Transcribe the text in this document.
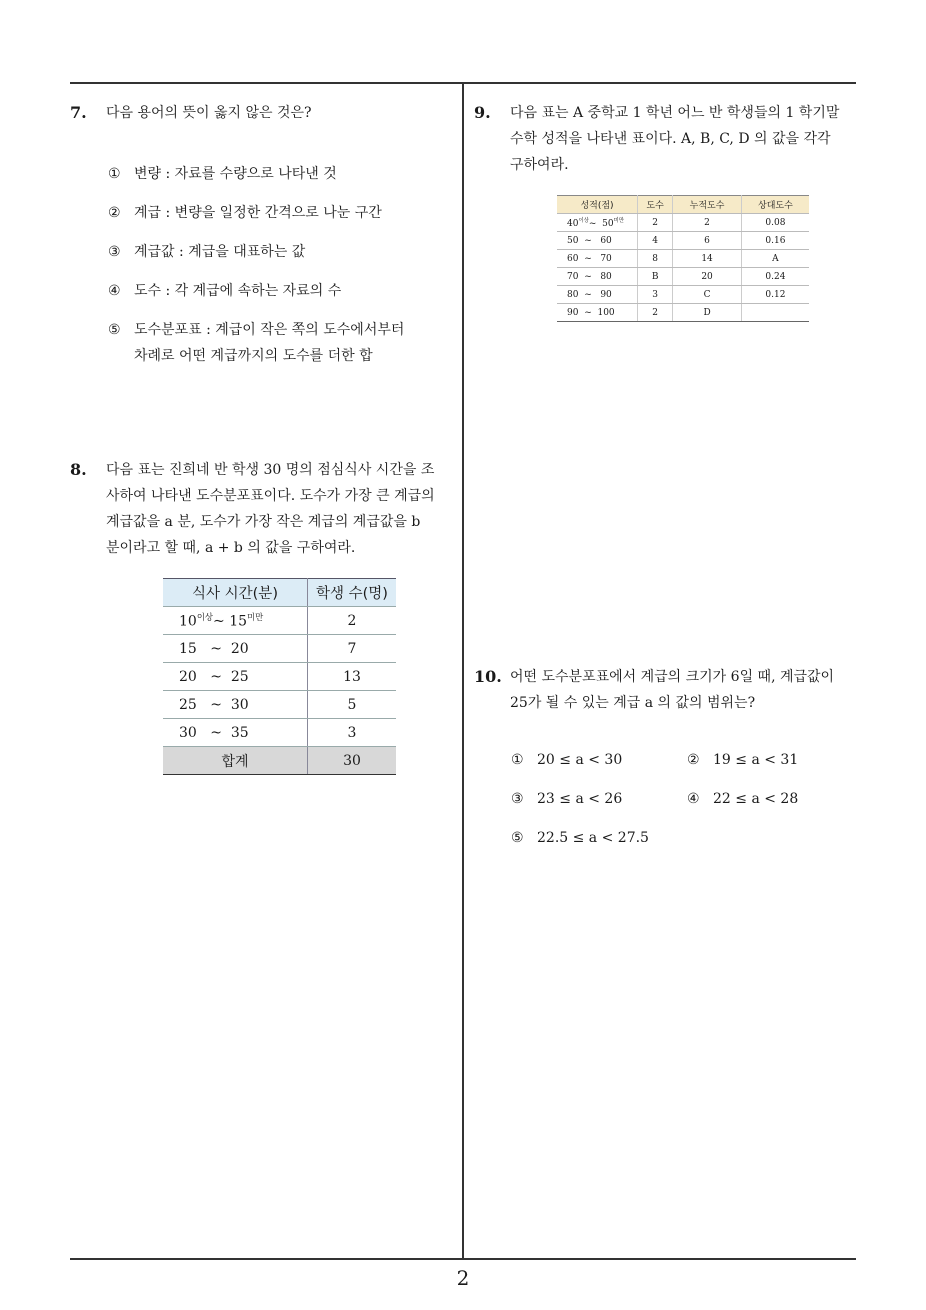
7. 다음 용어의 뜻이 옳지 않은 것은?
① 변량 : 자료를 수량으로 나타낸 것
② 계급 : 변량을 일정한 간격으로 나눈 구간
③ 계급값 : 계급을 대표하는 값
④ 도수 : 각 계급에 속하는 자료의 수
⑤ 도수분포표 : 계급이 작은 쪽의 도수에서부터
차례로 어떤 계급까지의 도수를 더한 합
8. 다음 표는 진희네 반 학생 30 명의 점심식사 시간을 조
사하여 나타낸 도수분포표이다. 도수가 가장 큰 계급의
계급값을 a 분, 도수가 가장 작은 계급의 계급값을 b
분이라고 할 때, a + b 의 값을 구하여라.
식사 시간(분)	학생 수(명)
$10^{이상}\sim$ $15^{미만}$	2
15 ~ 20	7
20 ~ 25	13
25 ~ 30	5
30 ~ 35	3
합계	30
9. 다음 표는 A 중학교 1 학년 어느 반 학생들의 1 학기말
수학 성적을 나타낸 표이다. A, B, C, D 의 값을 각각
구하여라.
성적(점)	도수	누적도수	상대도수
$40^{이상}\sim$ $50^{미만}$	2	2	0.08
50 ~ 60	4	6	0.16
60 ~ 70	8	14	A
70 ~ 80	B	20	0.24
80 ~ 90	3	C	0.12
90 ~ 100	2	D	
10. 어떤 도수분포표에서 계급의 크기가 6일 때, 계급값이
25가 될 수 있는 계급 a 의 값의 범위는?
① 20 ≤ a < 30	② 19 ≤ a < 31
③ 23 ≤ a < 26	④ 22 ≤ a < 28
⑤ 22.5 ≤ a < 27.5
2
